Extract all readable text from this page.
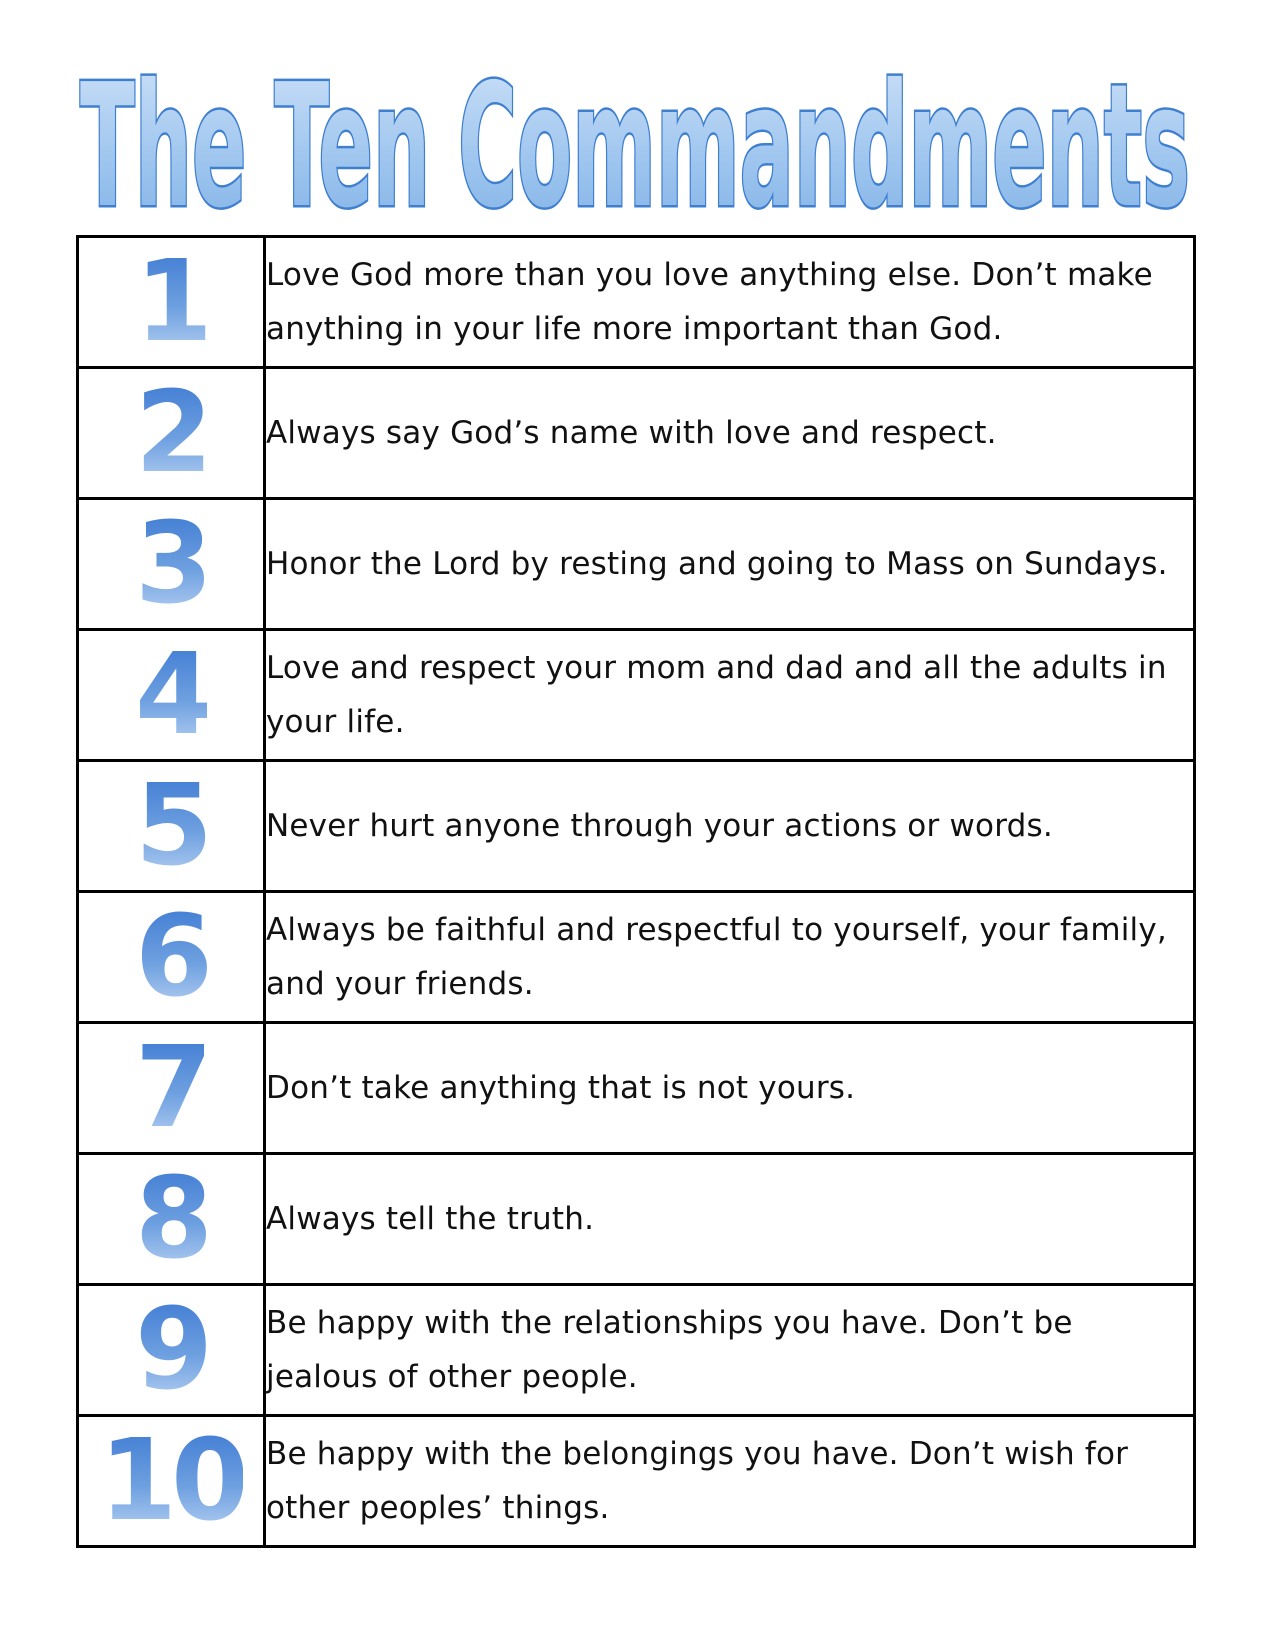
The Ten Commandments
1	Love God more than you love anything else. Don’t make anything in your life more important than God.

2	Always say God’s name with love and respect.

3	Honor the Lord by resting and going to Mass on Sundays.

4	Love and respect your mom and dad and all the adults in your life.

5	Never hurt anyone through your actions or words.

6	Always be faithful and respectful to yourself, your family, and your friends.

7	Don’t take anything that is not yours.

8	Always tell the truth.

9	Be happy with the relationships you have. Don’t be jealous of other people.

10	Be happy with the belongings you have. Don’t wish for other peoples’ things.
